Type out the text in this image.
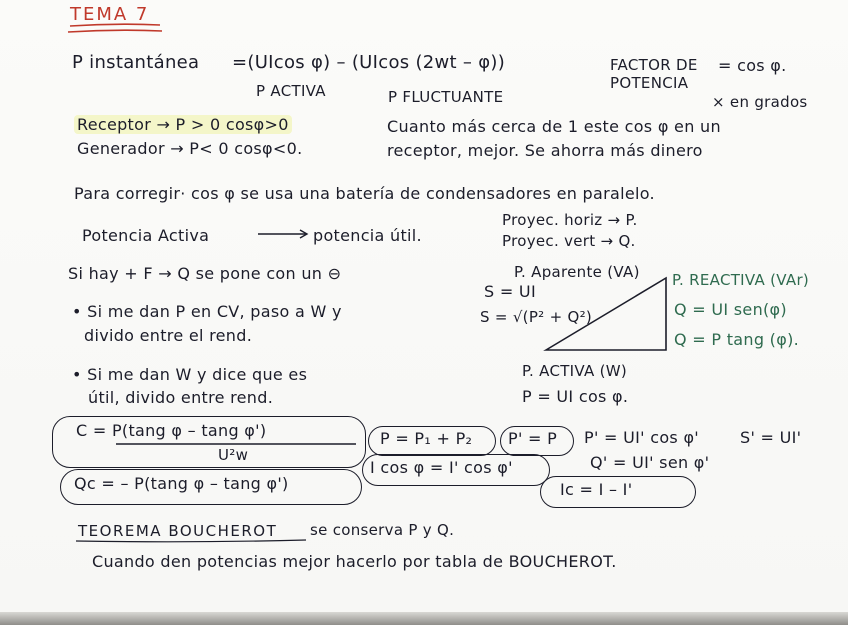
TEMA 7
P instantánea =(UIcos φ) – (UIcos (2wt – φ))
P ACTIVA	P FLUCTUANTE
FACTOR DE POTENCIA
= cos φ.
× en grados
Receptor → P > 0 cosφ>0
Generador → P< 0 cosφ<0.
Cuanto más cerca de 1 este cos φ en un
receptor, mejor. Se ahorra más dinero
Para corregir· cos φ se usa una batería de condensadores en paralelo.
Potencia Activa	potencia útil.
Proyec. horiz → P.
Proyec. vert → Q.
Si hay + F → Q se pone con un ⊖
• Si me dan P en CV, paso a W y
divido entre el rend.
• Si me dan W y dice que es
útil, divido entre rend.
P. Aparente (VA)
S = UI
S = √(P² + Q²)
P. REACTIVA (VAr)
Q = UI sen(φ)
Q = P tang (φ).
P. ACTIVA (W)
P = UI cos φ.
C = P(tang φ – tang φ')
U²w
Qc = – P(tang φ – tang φ')
P = P₁ + P₂ P' = P
I cos φ = I' cos φ'
P' = UI' cos φ'	S' = UI'
Q' = UI' sen φ'
Ic = I – I'
TEOREMA BOUCHEROT se conserva P y Q.
Cuando den potencias mejor hacerlo por tabla de BOUCHEROT.
